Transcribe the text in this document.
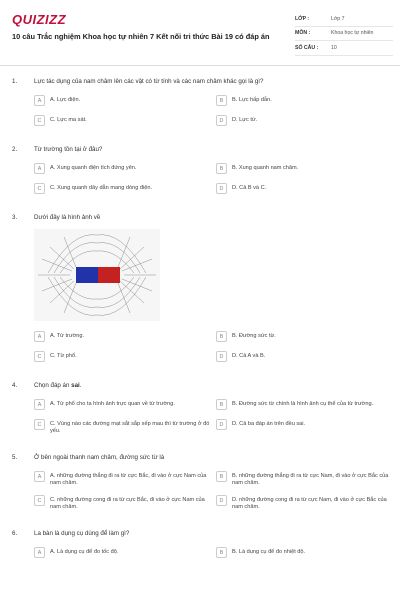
QUIZIZZ
10 câu Trắc nghiệm Khoa học tự nhiên 7 Kết nối tri thức Bài 19 có đáp án
LỚP :	Lớp 7
MÔN :	Khoa học tự nhiên
SỐ CÂU :	10
1.	Lực tác dụng của nam châm lên các vật có từ tính và các nam châm khác gọi là gì?
A	A. Lực điện.	B	B. Lực hấp dẫn.
C	C. Lực ma sát.	D	D. Lực từ.
2.	Từ trường tồn tại ở đâu?
A	A. Xung quanh điện tích đứng yên.	B	B. Xung quanh nam châm.
C	C. Xung quanh dây dẫn mang dòng điện.	D	D. Cả B và C.
3.	Dưới đây là hình ảnh về
A	A. Từ trường.	B	B. Đường sức từ.
C	C. Từ phổ.	D	D. Cả A và B.
4.	Chọn đáp án sai.
A	A. Từ phổ cho ta hình ảnh trực quan về từ trường.	B	B. Đường sức từ chính là hình ảnh cụ thể của từ trường.
C	C. Vùng nào các đường mạt sắt sắp xếp mau thì từ trường ở đó yếu.
D	D. Cả ba đáp án trên đều sai.
5.	Ở bên ngoài thanh nam châm, đường sức từ là
A	A. những đường thẳng đi ra từ cực Bắc, đi vào ở cực Nam của nam châm.
B	B. những đường thẳng đi ra từ cực Nam, đi vào ở cực Bắc của nam châm.
C	C. những đường cong đi ra từ cực Bắc, đi vào ở cực Nam của nam châm.
D	D. những đường cong đi ra từ cực Nam, đi vào ở cực Bắc của nam châm.
6.	La bàn là dụng cụ dùng để làm gì?
A	A. Là dụng cụ để đo tốc độ.	B	B. Là dụng cụ để đo nhiệt độ.
